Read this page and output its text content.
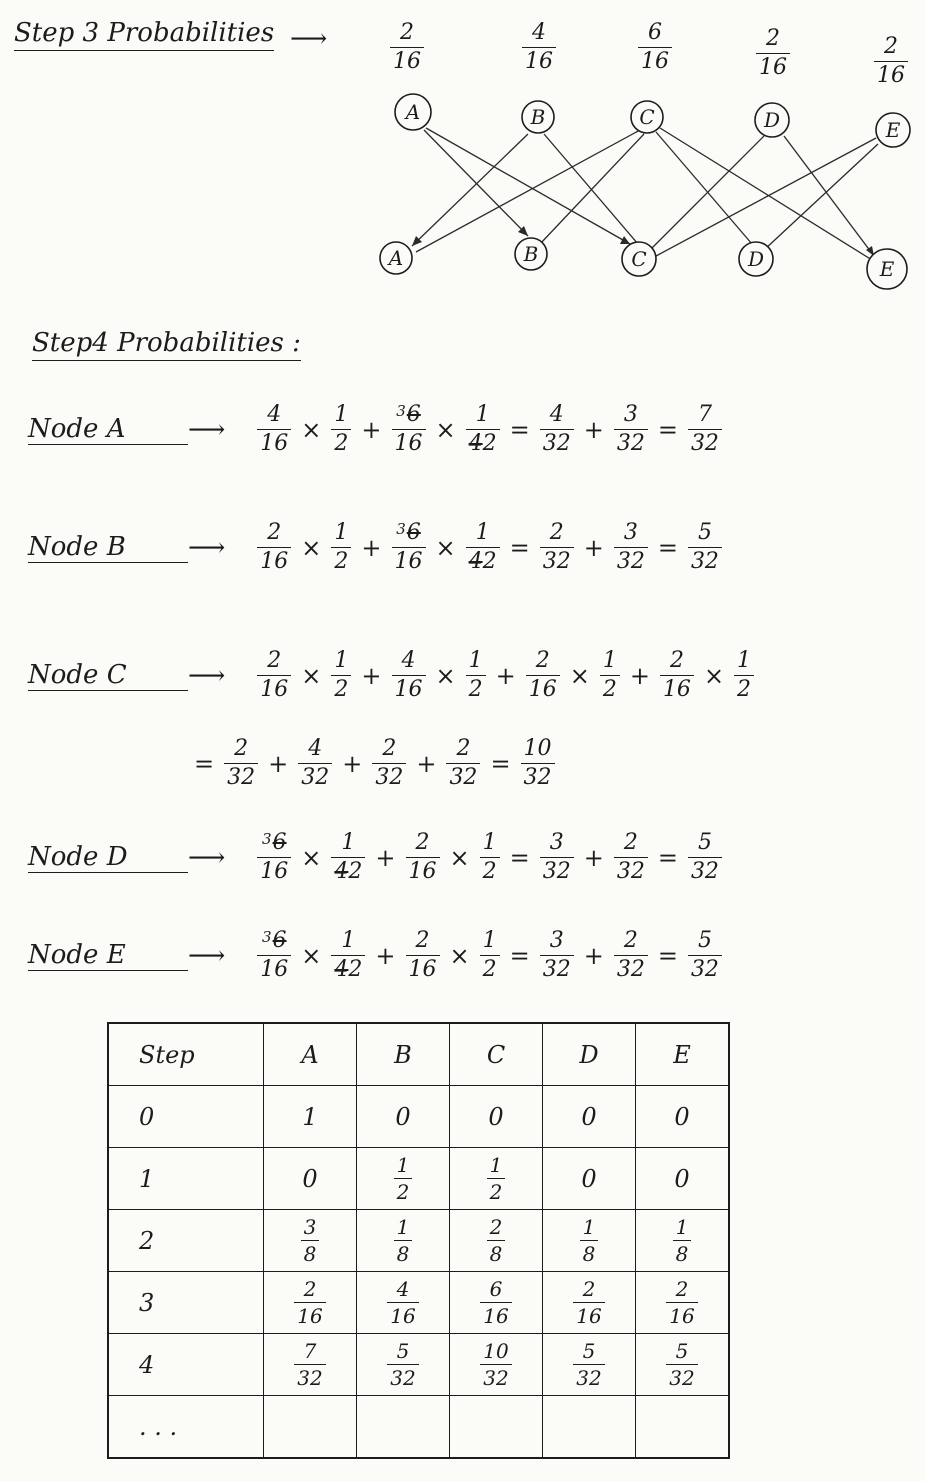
Step 3 Probabilities ⟶	$\frac{2}{16}$	$\frac{4}{16}$	$\frac{6}{16}$	$\frac{2}{16}$	$\frac{2}{16}$
A	B	C	D	E
A	B	C	D	E
Step4 Probabilities :
Node A	⟶ $\frac{4}{16} \times \frac{1}{2} + \frac{^36}{16} \times \frac{1}{42} = \frac{4}{32} + \frac{3}{32} = \frac{7}{32}$
Node B	⟶ $\frac{2}{16} \times \frac{1}{2} + \frac{^36}{16} \times \frac{1}{42} = \frac{2}{32} + \frac{3}{32} = \frac{5}{32}$
Node C	⟶ $\frac{2}{16} \times \frac{1}{2} + \frac{4}{16} \times \frac{1}{2} + \frac{2}{16} \times \frac{1}{2} + \frac{2}{16} \times \frac{1}{2}$
= $\frac{2}{32} + \frac{4}{32} + \frac{2}{32} + \frac{2}{32} = \frac{10}{32}$
Node D	⟶ $\frac{^36}{16} \times \frac{1}{42} + \frac{2}{16} \times \frac{1}{2} = \frac{3}{32} + \frac{2}{32} = \frac{5}{32}$
Node E	⟶ $\frac{^36}{16} \times \frac{1}{42} + \frac{2}{16} \times \frac{1}{2} = \frac{3}{32} + \frac{2}{32} = \frac{5}{32}$
Step	A	B	C	D	E
0	1	0	0	0	0
1	0	$\frac{1}{2}$	$\frac{1}{2}$	0	0
2	$\frac{3}{8}$	$\frac{1}{8}$	$\frac{2}{8}$	$\frac{1}{8}$	$\frac{1}{8}$

3	$\frac{2}{16}$	$\frac{4}{16}$	$\frac{6}{16}$	$\frac{2}{16}$	$\frac{2}{16}$

4	$\frac{7}{32}$	$\frac{5}{32}$	$\frac{10}{32}$	$\frac{5}{32}$	$\frac{5}{32}$

. . .					
